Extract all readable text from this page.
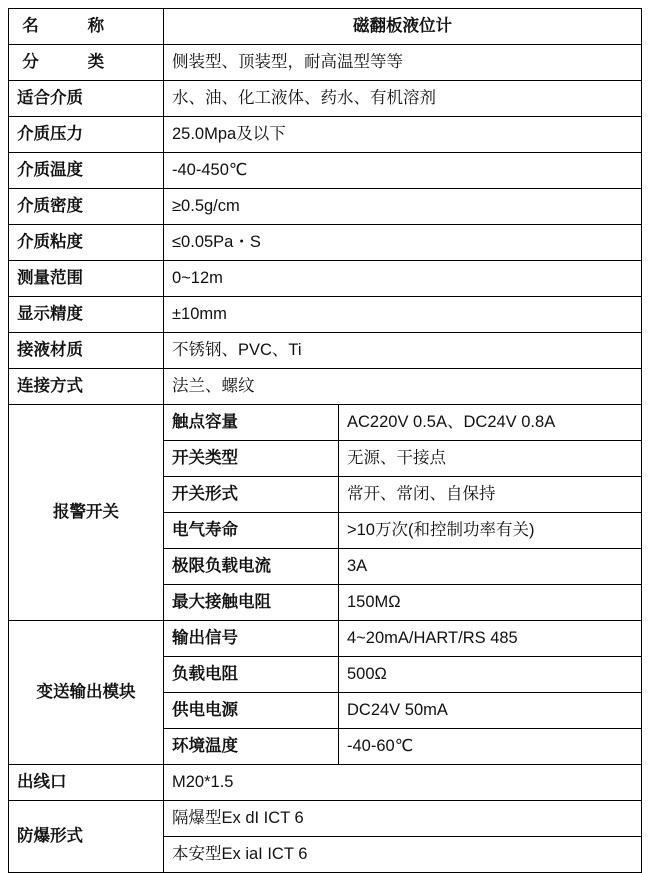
名　　称	磁翻板液位计	
分　　类	侧装型、顶装型，耐高温型等等	
适合介质	水、油、化工液体、药水、有机溶剂	
介质压力	25.0Mpa及以下	
介质温度	-40-450℃	
介质密度	≥0.5g/cm	
介质粘度	≤0.05Pa・S	
测量范围	0~12m	
显示精度	±10mm	
接液材质	不锈钢、PVC、Ti	
连接方式	法兰、螺纹	
报警开关	触点容量	AC220V 0.5A、DC24V 0.8A
	开关类型	无源、干接点
	开关形式	常开、常闭、自保持
	电气寿命	>10万次(和控制功率有关)
	极限负载电流	3A
	最大接触电阻	150MΩ
变送输出模块	输出信号	4~20mA/HART/RS 485
	负载电阻	500Ω
	供电电源	DC24V 50mA
	环境温度	-40-60℃
出线口	M20*1.5	
防爆形式	隔爆型Ex dI ICT 6	
	本安型Ex iaI ICT 6	
